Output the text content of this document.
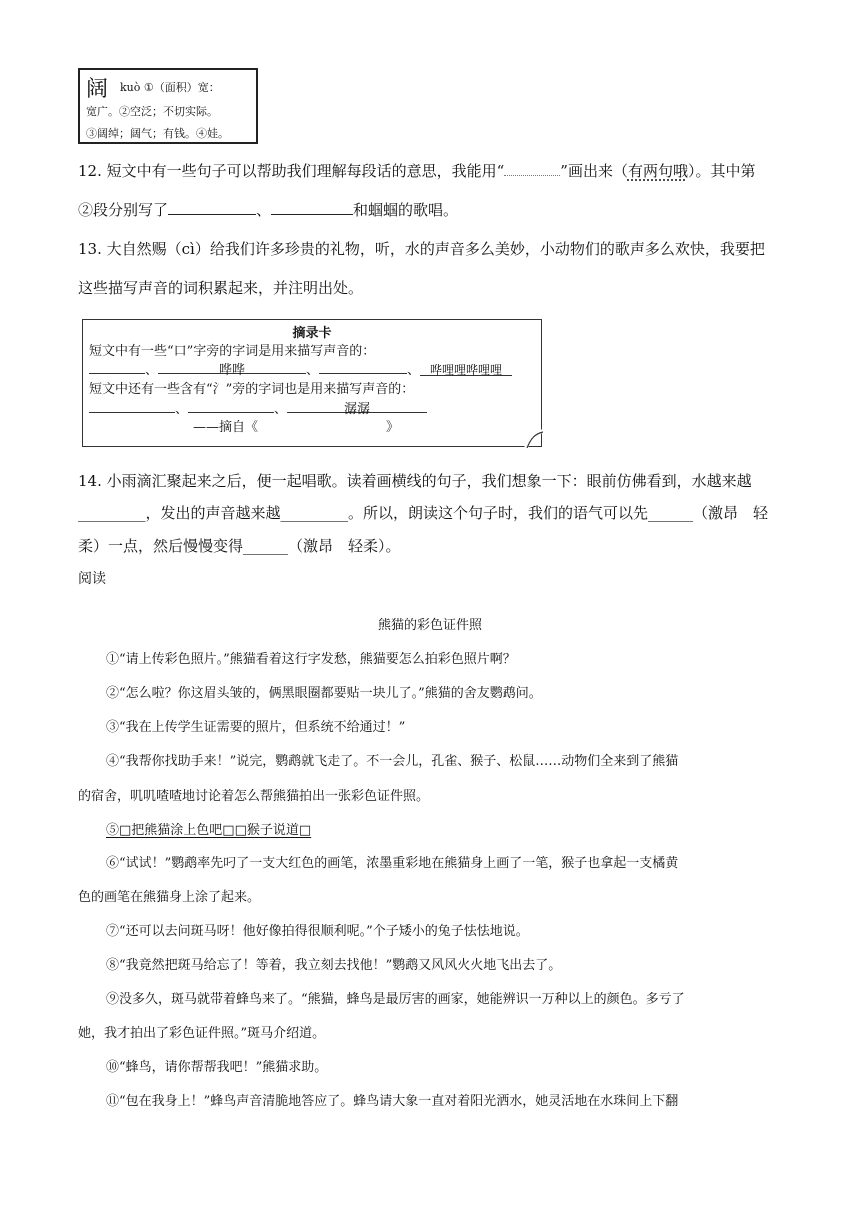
阔 kuò ①（面积）宽：
宽广。②空泛；不切实际。
③阔绰；阔气；有钱。④娃。
12. 短文中有一些句子可以帮助我们理解每段话的意思，我能用“	”画出来（有两句哦）。其中第
②段分别写了	、	和蝈蝈的歌唱。
13. 大自然赐（cì）给我们许多珍贵的礼物，听，水的声音多么美妙，小动物们的歌声多么欢快，我要把
这些描写声音的词积累起来，并注明出处。
摘录卡
短文中有一些“口”字旁的字词是用来描写声音的：
、	哗哗	、	、 哗哩哩哗哩哩
短文中还有一些含有“氵”旁的字词也是用来描写声音的：
、	、	潺潺
——摘自《	》
14. 小雨滴汇聚起来之后，便一起唱歌。读着画横线的句子，我们想象一下：眼前仿佛看到，水越来越
_________，发出的声音越来越_________。所以，朗读这个句子时，我们的语气可以先______（激昂　轻
柔）一点，然后慢慢变得______（激昂　轻柔）。
阅读
熊猫的彩色证件照
①“请上传彩色照片。”熊猫看着这行字发愁，熊猫要怎么拍彩色照片啊？
②“怎么啦？你这眉头皱的，俩黑眼圈都要贴一块儿了。”熊猫的舍友鹦鹉问。
③“我在上传学生证需要的照片，但系统不给通过！”
④“我帮你找助手来！”说完，鹦鹉就飞走了。不一会儿，孔雀、猴子、松鼠……动物们全来到了熊猫
的宿舍，叽叽喳喳地讨论着怎么帮熊猫拍出一张彩色证件照。
⑤□把熊猫涂上色吧□□猴子说道□
⑥“试试！”鹦鹉率先叼了一支大红色的画笔，浓墨重彩地在熊猫身上画了一笔，猴子也拿起一支橘黄
色的画笔在熊猫身上涂了起来。
⑦“还可以去问斑马呀！他好像拍得很顺利呢。”个子矮小的兔子怯怯地说。
⑧“我竟然把斑马给忘了！等着，我立刻去找他！”鹦鹉又风风火火地飞出去了。
⑨没多久，斑马就带着蜂鸟来了。“熊猫，蜂鸟是最厉害的画家，她能辨识一万种以上的颜色。多亏了
她，我才拍出了彩色证件照。”斑马介绍道。
⑩“蜂鸟，请你帮帮我吧！”熊猫求助。
⑪“包在我身上！”蜂鸟声音清脆地答应了。蜂鸟请大象一直对着阳光洒水，她灵活地在水珠间上下翻
